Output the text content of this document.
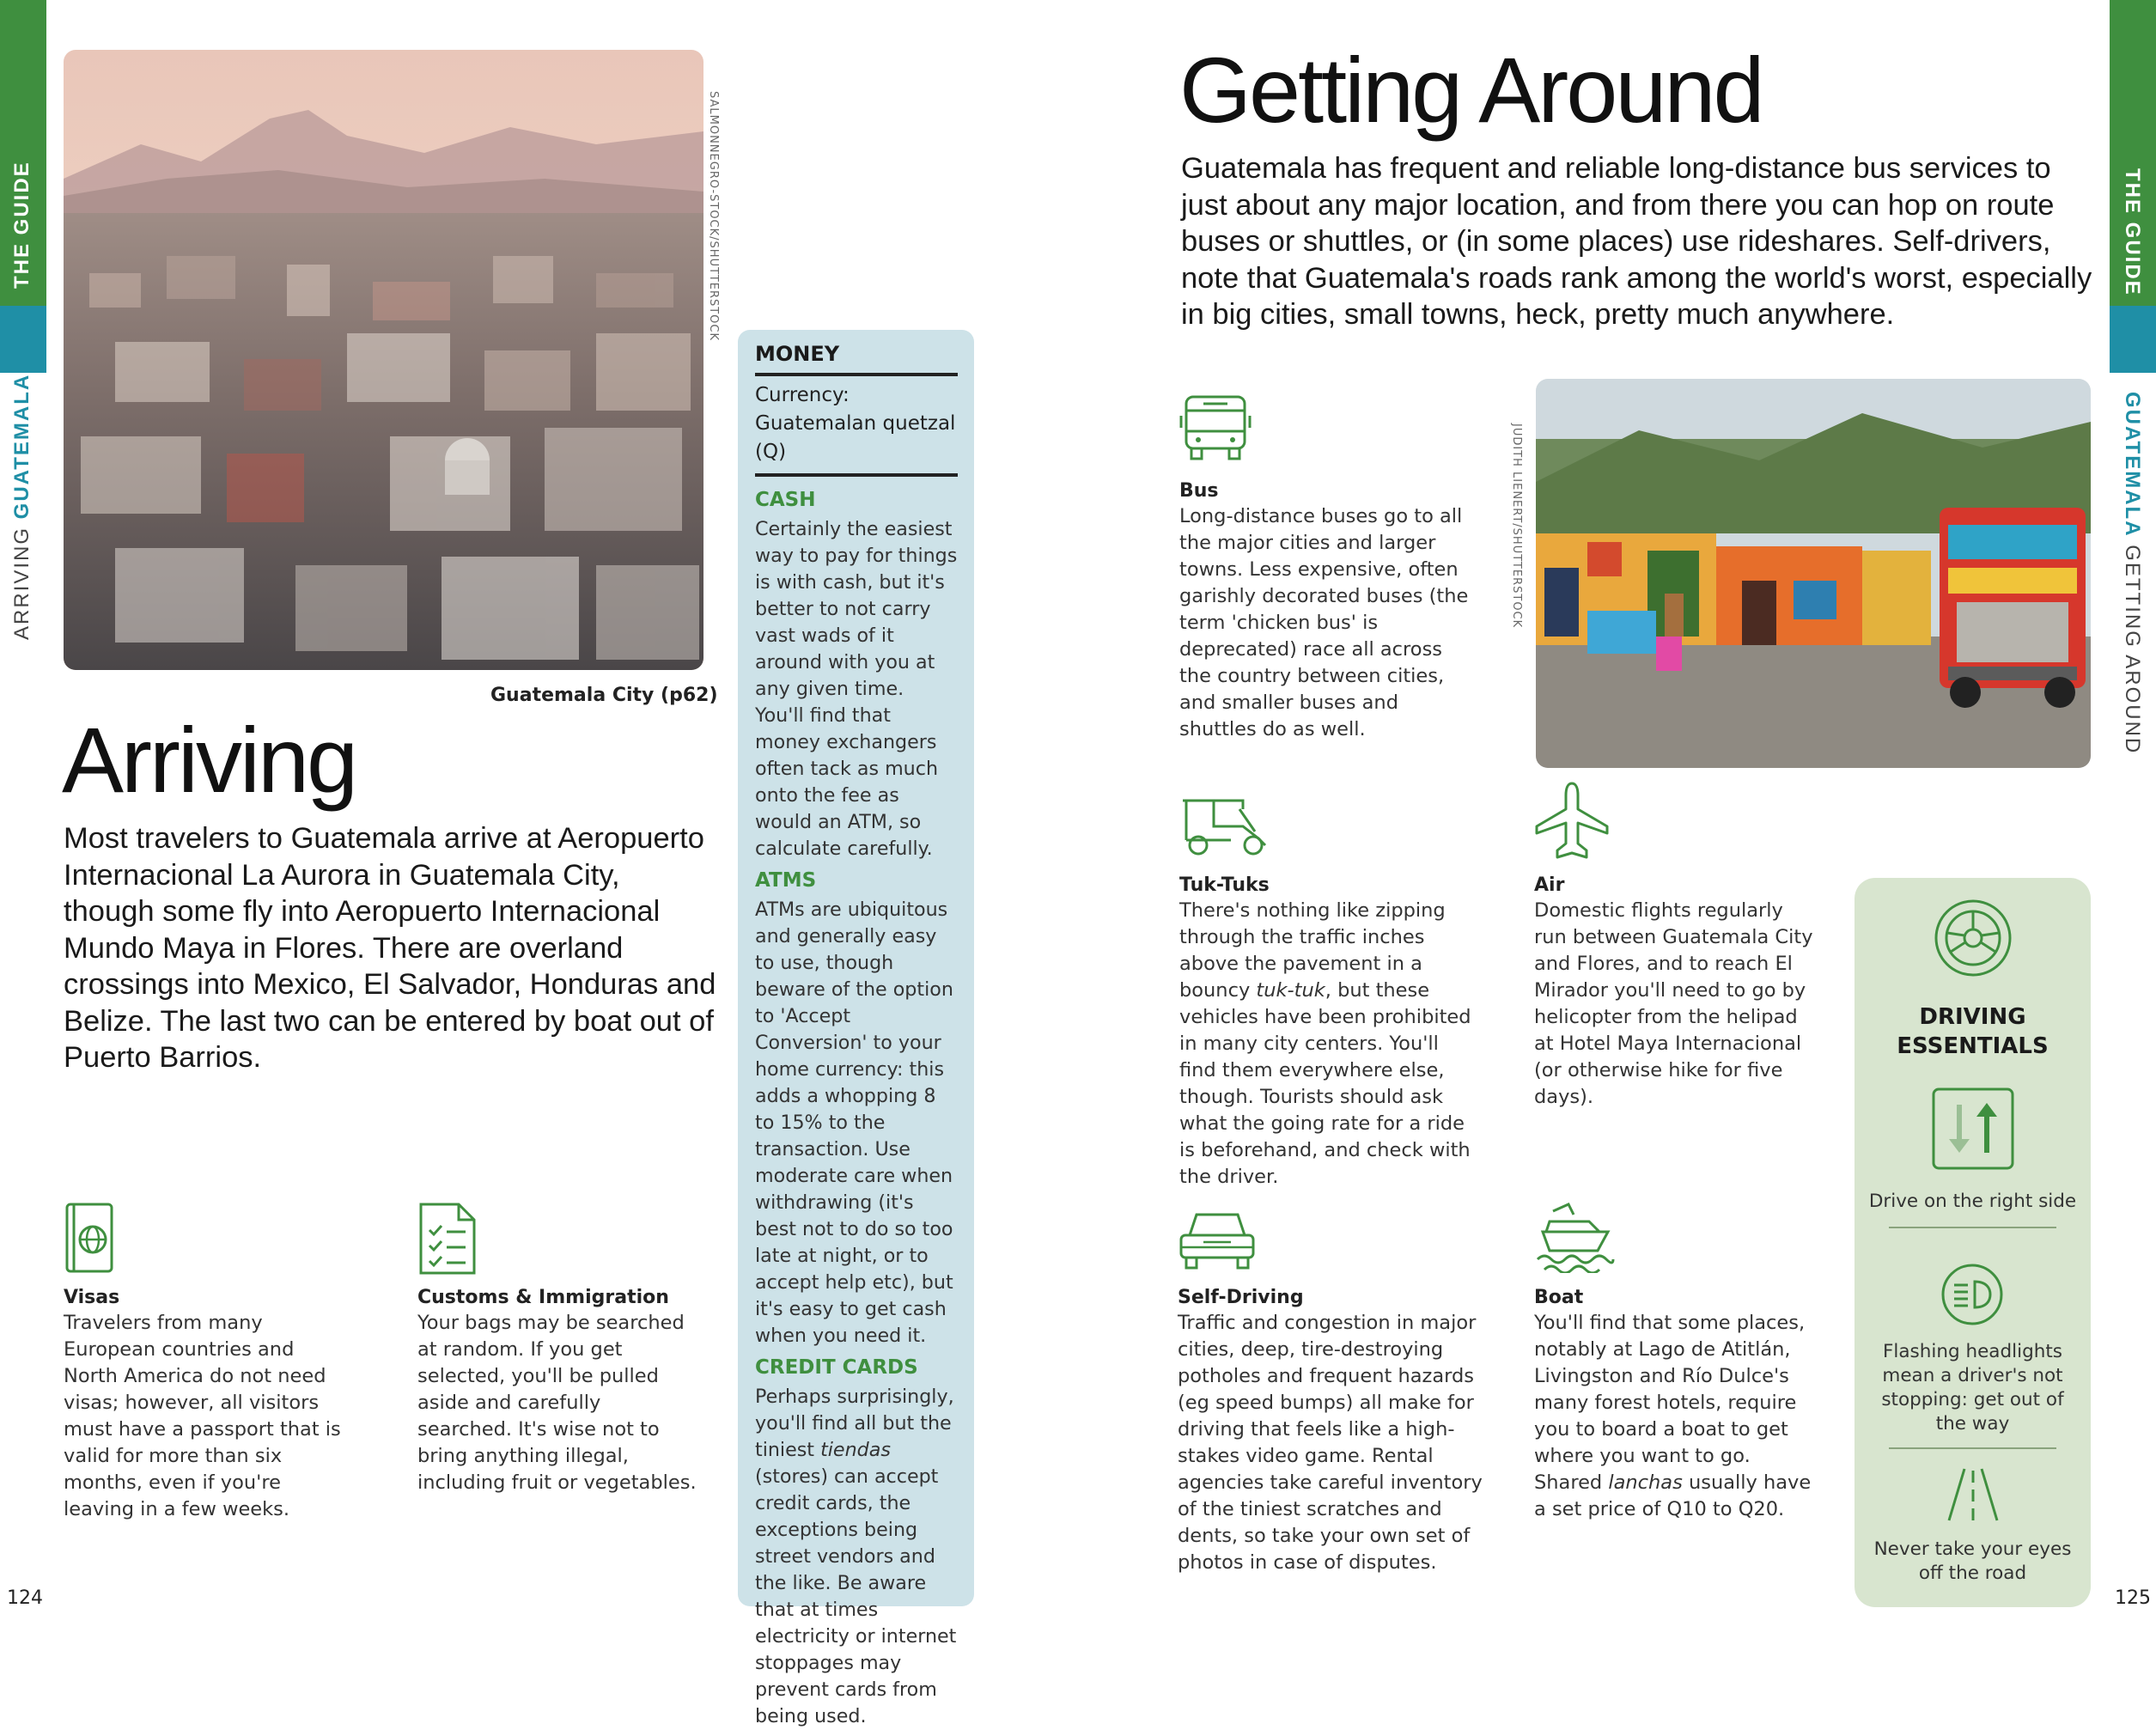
THE GUIDE
ARRIVING GUATEMALA
SALMONNEGRO-STOCK/SHUTTERSTOCK
Guatemala City (p62)
Arriving
Most travelers to Guatemala arrive at Aeropuerto Internacional La Aurora in Guatemala City, though some fly into Aeropuerto Internacional Mundo Maya in Flores. There are overland crossings into Mexico, El Salvador, Honduras and Belize. The last two can be entered by boat out of Puerto Barrios.
Visas
Travelers from many European countries and North America do not need visas; however, all visitors must have a passport that is valid for more than six months, even if you're leaving in a few weeks.
Customs & Immigration
Your bags may be searched at random. If you get selected, you'll be pulled aside and carefully searched. It's wise not to bring anything illegal, including fruit or vegetables.
124
MONEY
Currency: Guatemalan quetzal (Q)
CASH
Certainly the easiest way to pay for things is with cash, but it's better to not carry vast wads of it around with you at any given time. You'll find that money exchangers often tack as much onto the fee as would an ATM, so calculate carefully.
ATMS
ATMs are ubiquitous and generally easy to use, though beware of the option to 'Accept Conversion' to your home currency: this adds a whopping 8 to 15% to the transaction. Use moderate care when withdrawing (it's best not to do so too late at night, or to accept help etc), but it's easy to get cash when you need it.
CREDIT CARDS
Perhaps surprisingly, you'll find all but the tiniest tiendas (stores) can accept credit cards, the exceptions being street vendors and the like. Be aware that at times electricity or internet stoppages may prevent cards from being used.
THE GUIDE
GUATEMALA GETTING AROUND
Getting Around
Guatemala has frequent and reliable long-distance bus services to just about any major location, and from there you can hop on route buses or shuttles, or (in some places) use rideshares. Self-drivers, note that Guatemala's roads rank among the world's worst, especially in big cities, small towns, heck, pretty much anywhere.
Bus
Long-distance buses go to all the major cities and larger towns. Less expensive, often garishly decorated buses (the term 'chicken bus' is deprecated) race all across the country between cities, and smaller buses and shuttles do as well.
JUDITH LIENERT/SHUTTERSTOCK
Tuk-Tuks
There's nothing like zipping through the traffic inches above the pavement in a bouncy tuk-tuk, but these vehicles have been prohibited in many city centers. You'll find them everywhere else, though. Tourists should ask what the going rate for a ride is beforehand, and check with the driver.
Air
Domestic flights regularly run between Guatemala City and Flores, and to reach El Mirador you'll need to go by helicopter from the helipad at Hotel Maya Internacional (or otherwise hike for five days).
Self-Driving
Traffic and congestion in major cities, deep, tire-destroying potholes and frequent hazards (eg speed bumps) all make for driving that feels like a high-stakes video game. Rental agencies take careful inventory of the tiniest scratches and dents, so take your own set of photos in case of disputes.
Boat
You'll find that some places, notably at Lago de Atitlán, Livingston and Río Dulce's many forest hotels, require you to board a boat to get where you want to go. Shared lanchas usually have a set price of Q10 to Q20.
DRIVING
ESSENTIALS
Drive on the right side
Flashing headlights mean a driver's not stopping: get out of the way
Never take your eyes off the road
125
